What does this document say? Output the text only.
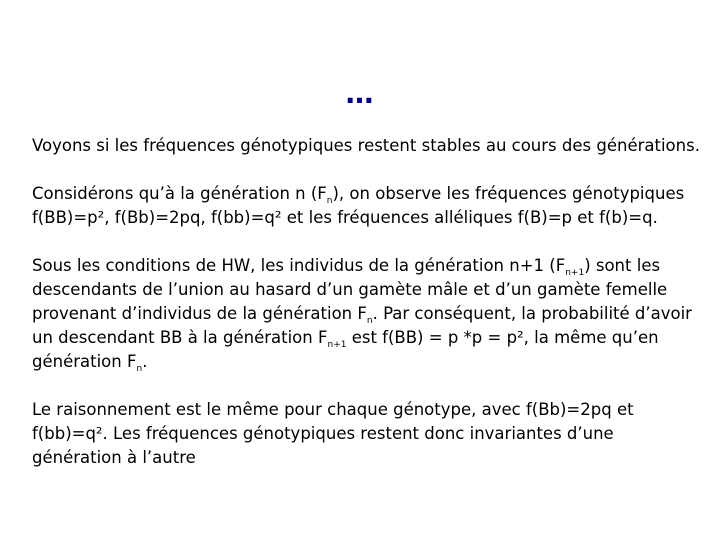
…

Voyons si les fréquences génotypiques restent stables au cours des générations.

Considérons qu’à la génération n $(F_n)$, on observe les fréquences génotypiques f(BB)=p², f(Bb)=2pq, f(bb)=q² et les fréquences alléliques f(B)=p et f(b)=q.

Sous les conditions de HW, les individus de la génération n+1 $(F_{n+1})$ sont les descendants de l’union au hasard d’un gamète mâle et d’un gamète femelle provenant d’individus de la génération $F_n$. Par conséquent, la probabilité d’avoir un descendant BB à la génération $F_{n+1}$ est f(BB) = p *p = p², la même qu’en génération $F_n$.

Le raisonnement est le même pour chaque génotype, avec f(Bb)=2pq et f(bb)=q². Les fréquences génotypiques restent donc invariantes d’une génération à l’autre
